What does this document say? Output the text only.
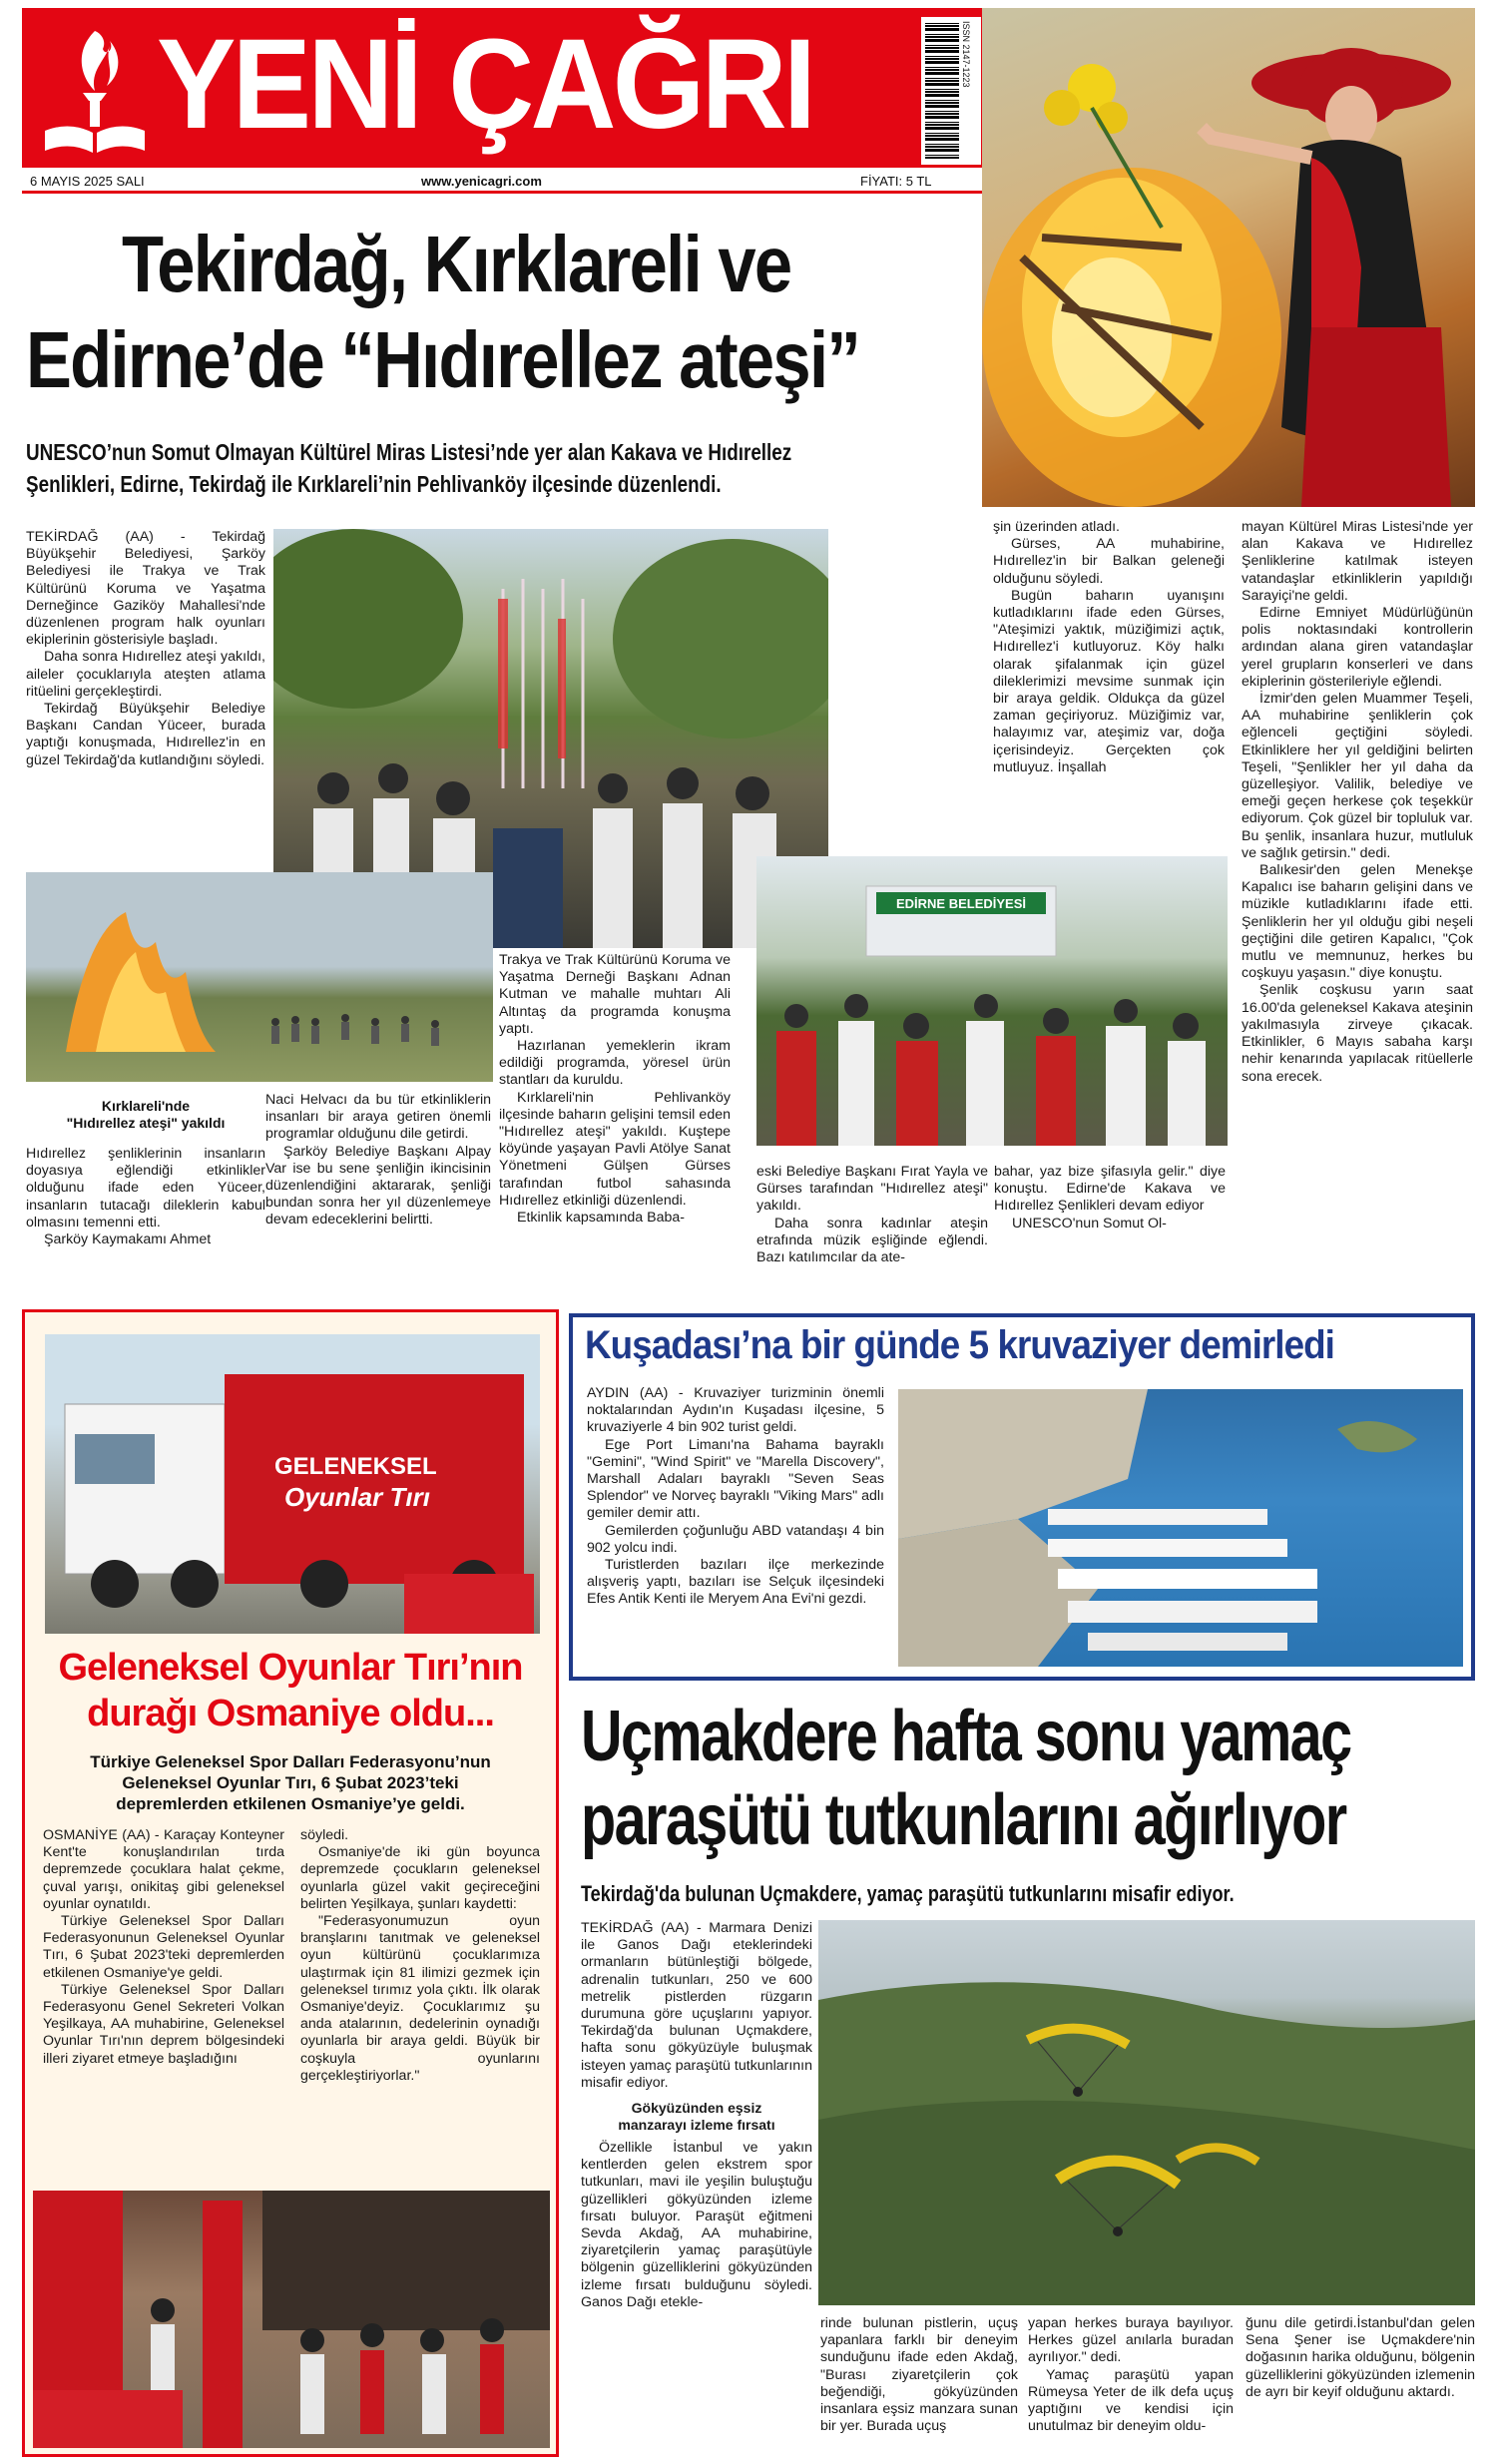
YENİ ÇAĞRI	ISSN 2147-1223
6 MAYIS 2025 SALI	www.yenicagri.com	FİYATI: 5 TL
Tekirdağ, Kırklareli ve
Edirne’de “Hıdırellez ateşi”
UNESCO’nun Somut Olmayan Kültürel Miras Listesi’nde yer alan Kakava ve Hıdırellez
Şenlikleri, Edirne, Tekirdağ ile Kırklareli’nin Pehlivanköy ilçesinde düzenlendi.

TEKİRDAĞ (AA) - Tekirdağ Büyükşehir Belediyesi, Şarköy Belediyesi ile Trakya ve Trak Kültürünü Koruma ve Yaşatma Derneğince Gaziköy Mahallesi'nde düzenlenen program halk oyunları ekiplerinin gösterisiyle başladı.

Daha sonra Hıdırellez ateşi yakıldı, aileler çocuklarıyla ateşten atlama ritüelini gerçekleştirdi.

Tekirdağ Büyükşehir Belediye Başkanı Candan Yüceer, burada yaptığı konuşmada, Hıdırellez'in en güzel Tekirdağ'da kutlandığını söyledi.

şin üzerinden atladı.

Gürses, AA muhabirine, Hıdırellez'in bir Balkan geleneği olduğunu söyledi.

Bugün baharın uyanışını kutladıklarını ifade eden Gürses, "Ateşimizi yaktık, müziğimizi açtık, Hıdırellez'i kutluyoruz. Köy halkı olarak şifalanmak için güzel dileklerimizi mevsime sunmak için bir araya geldik. Oldukça da güzel zaman geçiriyoruz. Müziğimiz var, halayımız var, ateşimiz var, doğa içerisindeyiz. Gerçekten çok mutluyuz. İnşallah

mayan Kültürel Miras Listesi'nde yer alan Kakava ve Hıdırellez Şenliklerine katılmak isteyen vatandaşlar etkinliklerin yapıldığı Sarayiçi'ne geldi.

Edirne Emniyet Müdürlüğünün polis noktasındaki kontrollerin ardından alana giren vatandaşlar yerel grupların konserleri ve dans ekiplerinin gösterileriyle eğlendi.

İzmir'den gelen Muammer Teşeli, AA muhabirine şenliklerin çok eğlenceli geçtiğini söyledi. Etkinliklere her yıl geldiğini belirten Teşeli, "Şenlikler her yıl daha da güzelleşiyor. Valilik, belediye ve emeği geçen herkese çok teşekkür ediyorum. Çok güzel bir topluluk var. Bu şenlik, insanlara huzur, mutluluk ve sağlık getirsin." dedi.

Balıkesir'den gelen Menekşe Kapalıcı ise baharın gelişini dans ve müzikle kutladıklarını ifade etti. Şenliklerin her yıl olduğu gibi neşeli geçtiğini dile getiren Kapalıcı, "Çok mutlu ve memnunuz, herkes bu coşkuyu yaşasın." diye konuştu.

Şenlik coşkusu yarın saat 16.00'da geleneksel Kakava ateşinin yakılmasıyla zirveye çıkacak. Etkinlikler, 6 Mayıs sabaha karşı nehir kenarında yapılacak ritüellerle sona erecek.

Trakya ve Trak Kültürünü Koruma ve Yaşatma Derneği Başkanı Adnan Kutman ve mahalle muhtarı Ali Altıntaş da programda konuşma yaptı.

Hazırlanan yemeklerin ikram edildiği programda, yöresel ürün stantları da kuruldu.

Kırklareli'nin Pehlivanköy ilçesinde baharın gelişini temsil eden "Hıdırellez ateşi" yakıldı. Kuştepe köyünde yaşayan Pavli Atölye Sanat Yönetmeni Gülşen Gürses tarafından futbol sahasında Hıdırellez etkinliği düzenlendi.

Etkinlik kapsamında Baba-

EDİRNE BELEDİYESİ
Kırklareli'nde
"Hıdırellez ateşi" yakıldı

Hıdırellez şenliklerinin insanların doyasıya eğlendiği etkinlikler olduğunu ifade eden Yüceer, insanların tutacağı dileklerin kabul olmasını temenni etti.

Şarköy Kaymakamı Ahmet

Naci Helvacı da bu tür etkinliklerin insanları bir araya getiren önemli programlar olduğunu dile getirdi.

Şarköy Belediye Başkanı Alpay Var ise bu sene şenliğin ikincisinin düzenlendiğini aktararak, şenliği bundan sonra her yıl düzenlemeye devam edeceklerini belirtti.

eski Belediye Başkanı Fırat Yayla ve Gürses tarafından "Hıdırellez ateşi" yakıldı.

Daha sonra kadınlar ateşin etrafında müzik eşliğinde eğlendi. Bazı katılımcılar da ate-

bahar, yaz bize şifasıyla gelir." diye konuştu. Edirne'de Kakava ve Hıdırellez Şenlikleri devam ediyor

UNESCO'nun Somut Ol-

GELENEKSEL
Oyunlar Tırı
Geleneksel Oyunlar Tırı’nın
durağı Osmaniye oldu...
Türkiye Geleneksel Spor Dalları Federasyonu’nun
Geleneksel Oyunlar Tırı, 6 Şubat 2023’teki
depremlerden etkilenen Osmaniye’ye geldi.

OSMANİYE (AA) - Karaçay Konteyner Kent'te konuşlandırılan tırda depremzede çocuklara halat çekme, çuval yarışı, onikitaş gibi geleneksel oyunlar oynatıldı.

Türkiye Geleneksel Spor Dalları Federasyonunun Geleneksel Oyunlar Tırı, 6 Şubat 2023'teki depremlerden etkilenen Osmaniye'ye geldi.

Türkiye Geleneksel Spor Dalları Federasyonu Genel Sekreteri Volkan Yeşilkaya, AA muhabirine, Geleneksel Oyunlar Tırı'nın deprem bölgesindeki illeri ziyaret etmeye başladığını

söyledi.

Osmaniye'de iki gün boyunca depremzede çocukların geleneksel oyunlarla güzel vakit geçireceğini belirten Yeşilkaya, şunları kaydetti:

"Federasyonumuzun oyun branşlarını tanıtmak ve geleneksel oyun kültürünü çocuklarımıza ulaştırmak için 81 ilimizi gezmek için geleneksel tırımız yola çıktı. İlk olarak Osmaniye'deyiz. Çocuklarımız şu anda atalarının, dedelerinin oynadığı oyunlarla bir araya geldi. Büyük bir coşkuyla oyunlarını gerçekleştiriyorlar."

Kuşadası’na bir günde 5 kruvaziyer demirledi

AYDIN (AA) - Kruvaziyer turizminin önemli noktalarından Aydın'ın Kuşadası ilçesine, 5 kruvaziyerle 4 bin 902 turist geldi.

Ege Port Limanı'na Bahama bayraklı "Gemini", "Wind Spirit" ve "Marella Discovery", Marshall Adaları bayraklı "Seven Seas Splendor" ve Norveç bayraklı "Viking Mars" adlı gemiler demir attı.

Gemilerden çoğunluğu ABD vatandaşı 4 bin 902 yolcu indi.

Turistlerden bazıları ilçe merkezinde alışveriş yaptı, bazıları ise Selçuk ilçesindeki Efes Antik Kenti ile Meryem Ana Evi'ni gezdi.

Uçmakdere hafta sonu yamaç
paraşütü tutkunlarını ağırlıyor
Tekirdağ'da bulunan Uçmakdere, yamaç paraşütü tutkunlarını misafir ediyor.

TEKİRDAĞ (AA) - Marmara Denizi ile Ganos Dağı eteklerindeki ormanların bütünleştiği bölgede, adrenalin tutkunları, 250 ve 600 metrelik pistlerden rüzgarın durumuna göre uçuşlarını yapıyor. Tekirdağ'da bulunan Uçmakdere, hafta sonu gökyüzüyle buluşmak isteyen yamaç paraşütü tutkunlarının misafir ediyor.

Gökyüzünden eşsiz
manzarayı izleme fırsatı

Özellikle İstanbul ve yakın kentlerden gelen ekstrem spor tutkunları, mavi ile yeşilin buluştuğu güzellikleri gökyüzünden izleme fırsatı buluyor. Paraşüt eğitmeni Sevda Akdağ, AA muhabirine, ziyaretçilerin yamaç paraşütüyle bölgenin güzelliklerini gökyüzünden izleme fırsatı bulduğunu söyledi. Ganos Dağı etekle-

rinde bulunan pistlerin, uçuş yapanlara farklı bir deneyim sunduğunu ifade eden Akdağ, "Burası ziyaretçilerin çok beğendiği, gökyüzünden insanlara eşsiz manzara sunan bir yer. Burada uçuş

yapan herkes buraya bayılıyor. Herkes güzel anılarla buradan ayrılıyor." dedi.

Yamaç paraşütü yapan Rümeysa Yeter de ilk defa uçuş yaptığını ve kendisi için unutulmaz bir deneyim oldu-

ğunu dile getirdi.İstanbul'dan gelen Sena Şener ise Uçmakdere'nin doğasının harika olduğunu, bölgenin güzelliklerini gökyüzünden izlemenin de ayrı bir keyif olduğunu aktardı.
